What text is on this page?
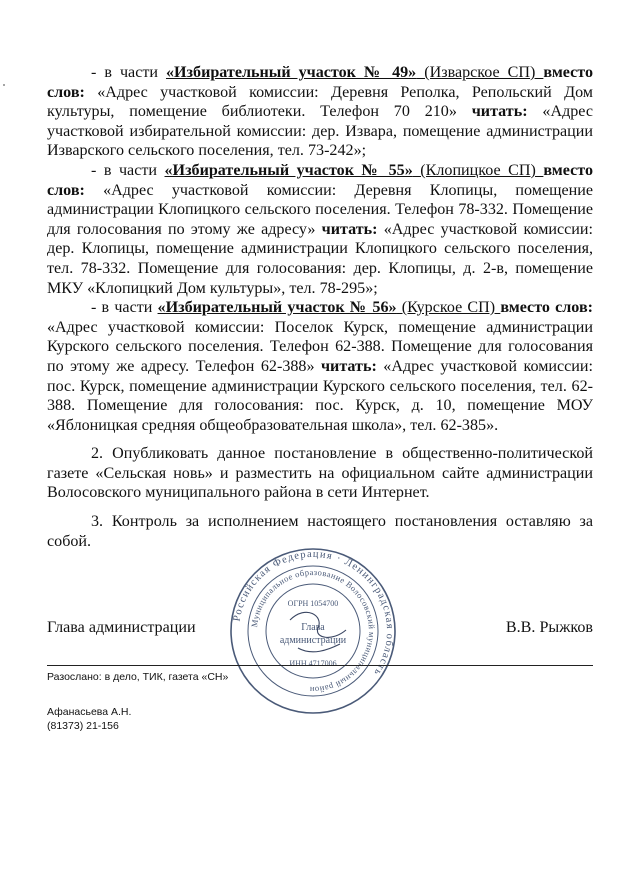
- в части «Избирательный участок № 49» (Изварское СП) вместо слов: «Адрес участковой комиссии: Деревня Реполка, Репольский Дом культуры, помещение библиотеки. Телефон 70 210» читать: «Адрес участковой избирательной комиссии: дер. Извара, помещение администрации Изварского сельского поселения, тел. 73-242»;

- в части «Избирательный участок № 55» (Клопицкое СП) вместо слов: «Адрес участковой комиссии: Деревня Клопицы, помещение администрации Клопицкого сельского поселения. Телефон 78-332. Помещение для голосования по этому же адресу» читать: «Адрес участковой комиссии: дер. Клопицы, помещение администрации Клопицкого сельского поселения, тел. 78-332. Помещение для голосования: дер. Клопицы, д. 2-в, помещение МКУ «Клопицкий Дом культуры», тел. 78-295»;

- в части «Избирательный участок № 56» (Курское СП) вместо слов: «Адрес участковой комиссии: Поселок Курск, помещение администрации Курского сельского поселения. Телефон 62-388. Помещение для голосования по этому же адресу. Телефон 62-388» читать: «Адрес участковой комиссии: пос. Курск, помещение администрации Курского сельского поселения, тел. 62-388. Помещение для голосования: пос. Курск, д. 10, помещение МОУ «Яблоницкая средняя общеобразовательная школа», тел. 62-385».

2. Опубликовать данное постановление в общественно-политической газете «Сельская новь» и разместить на официальном сайте администрации Волосовского муниципального района в сети Интернет.

3. Контроль за исполнением настоящего постановления оставляю за собой.

Глава администрации	В.В. Рыжков
Российская Федерация · Ленинградская область
Муниципальное образование Волосовский муниципальный район
ОГРН 1054700
Глава
администрации
ИНН 4717006
Разослано: в дело, ТИК, газета «СН»
Афанасьева А.Н.
(81373) 21-156
